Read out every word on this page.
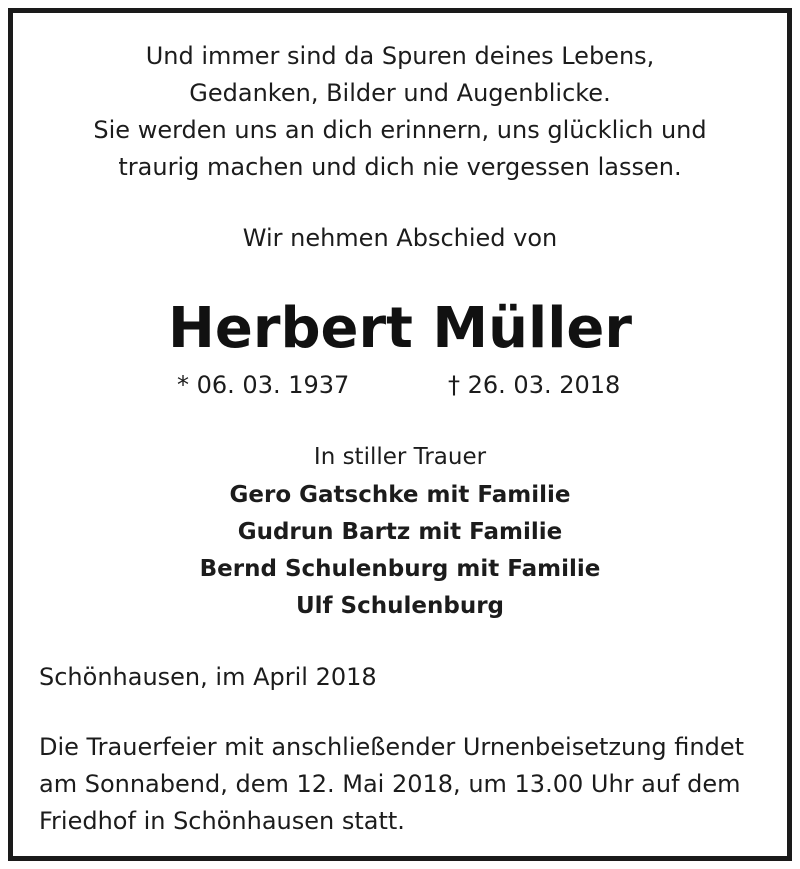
Und immer sind da Spuren deines Lebens,
Gedanken, Bilder und Augenblicke.
Sie werden uns an dich erinnern, uns glücklich und
traurig machen und dich nie vergessen lassen.
Wir nehmen Abschied von
Herbert Müller
* 06. 03. 1937	† 26. 03. 2018
In stiller Trauer
Gero Gatschke mit Familie
Gudrun Bartz mit Familie
Bernd Schulenburg mit Familie
Ulf Schulenburg
Schönhausen, im April 2018
Die Trauerfeier mit anschließender Urnenbeisetzung findet
am Sonnabend, dem 12. Mai 2018, um 13.00 Uhr auf dem
Friedhof in Schönhausen statt.
